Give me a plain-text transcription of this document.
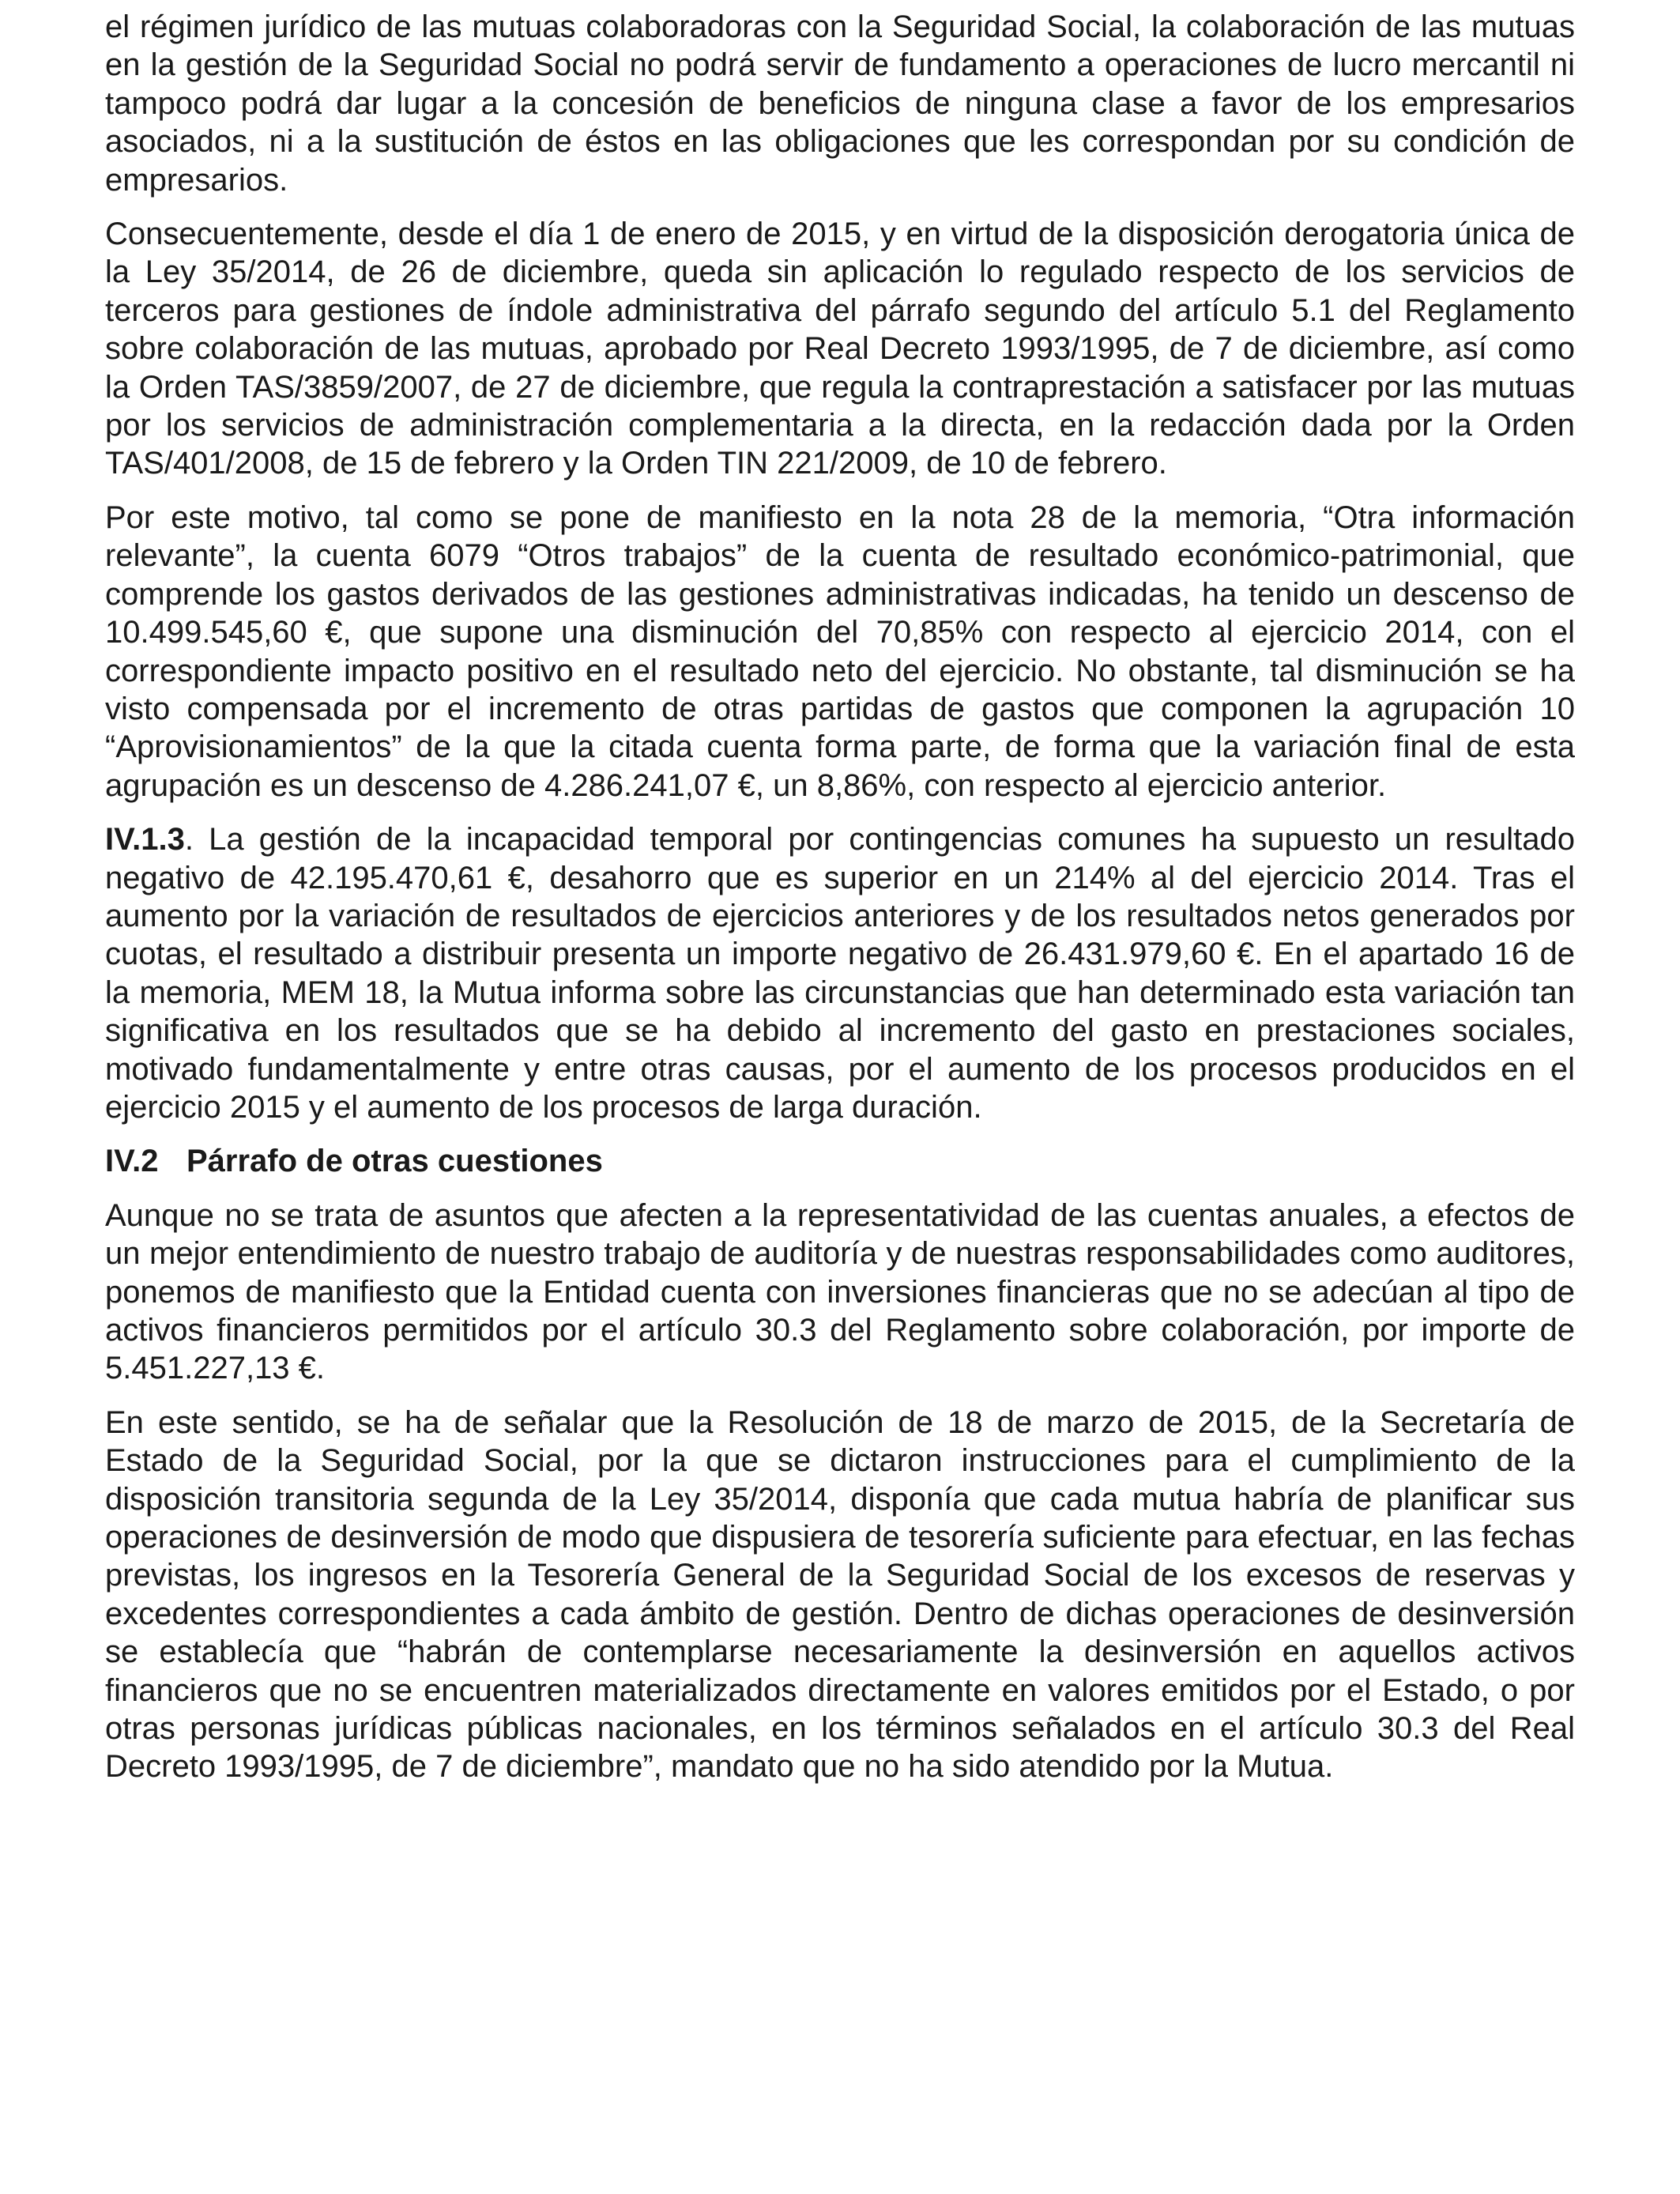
el régimen jurídico de las mutuas colaboradoras con la Seguridad Social, la colaboración de las mutuas en la gestión de la Seguridad Social no podrá servir de fundamento a operaciones de lucro mercantil ni tampoco podrá dar lugar a la concesión de beneficios de ninguna clase a favor de los empresarios asociados, ni a la sustitución de éstos en las obligaciones que les correspondan por su condición de empresarios.

Consecuentemente, desde el día 1 de enero de 2015, y en virtud de la disposición derogatoria única de la Ley 35/2014, de 26 de diciembre, queda sin aplicación lo regulado respecto de los servicios de terceros para gestiones de índole administrativa del párrafo segundo del artículo 5.1 del Reglamento sobre colaboración de las mutuas, aprobado por Real Decreto 1993/1995, de 7 de diciembre, así como la Orden TAS/3859/2007, de 27 de diciembre, que regula la contraprestación a satisfacer por las mutuas por los servicios de administración complementaria a la directa, en la redacción dada por la Orden TAS/401/2008, de 15 de febrero y la Orden TIN 221/2009, de 10 de febrero.

Por este motivo, tal como se pone de manifiesto en la nota 28 de la memoria, “Otra información relevante”, la cuenta 6079 “Otros trabajos” de la cuenta de resultado económico-patrimonial, que comprende los gastos derivados de las gestiones administrativas indicadas, ha tenido un descenso de 10.499.545,60 €, que supone una disminución del 70,85% con respecto al ejercicio 2014, con el correspondiente impacto positivo en el resultado neto del ejercicio. No obstante, tal disminución se ha visto compensada por el incremento de otras partidas de gastos que componen la agrupación 10 “Aprovisionamientos” de la que la citada cuenta forma parte, de forma que la variación final de esta agrupación es un descenso de 4.286.241,07 €, un 8,86%, con respecto al ejercicio anterior.

IV.1.3. La gestión de la incapacidad temporal por contingencias comunes ha supuesto un resultado negativo de 42.195.470,61 €, desahorro que es superior en un 214% al del ejercicio 2014. Tras el aumento por la variación de resultados de ejercicios anteriores y de los resultados netos generados por cuotas, el resultado a distribuir presenta un importe negativo de 26.431.979,60 €. En el apartado 16 de la memoria, MEM 18, la Mutua informa sobre las circunstancias que han determinado esta variación tan significativa en los resultados que se ha debido al incremento del gasto en prestaciones sociales, motivado fundamentalmente y entre otras causas, por el aumento de los procesos producidos en el ejercicio 2015 y el aumento de los procesos de larga duración.

IV.2 Párrafo de otras cuestiones

Aunque no se trata de asuntos que afecten a la representatividad de las cuentas anuales, a efectos de un mejor entendimiento de nuestro trabajo de auditoría y de nuestras responsabilidades como auditores, ponemos de manifiesto que la Entidad cuenta con inversiones financieras que no se adecúan al tipo de activos financieros permitidos por el artículo 30.3 del Reglamento sobre colaboración, por importe de 5.451.227,13 €.

En este sentido, se ha de señalar que la Resolución de 18 de marzo de 2015, de la Secretaría de Estado de la Seguridad Social, por la que se dictaron instrucciones para el cumplimiento de la disposición transitoria segunda de la Ley 35/2014, disponía que cada mutua habría de planificar sus operaciones de desinversión de modo que dispusiera de tesorería suficiente para efectuar, en las fechas previstas, los ingresos en la Tesorería General de la Seguridad Social de los excesos de reservas y excedentes correspondientes a cada ámbito de gestión. Dentro de dichas operaciones de desinversión se establecía que “habrán de contemplarse necesariamente la desinversión en aquellos activos financieros que no se encuentren materializados directamente en valores emitidos por el Estado, o por otras personas jurídicas públicas nacionales, en los términos señalados en el artículo 30.3 del Real Decreto 1993/1995, de 7 de diciembre”, mandato que no ha sido atendido por la Mutua.
